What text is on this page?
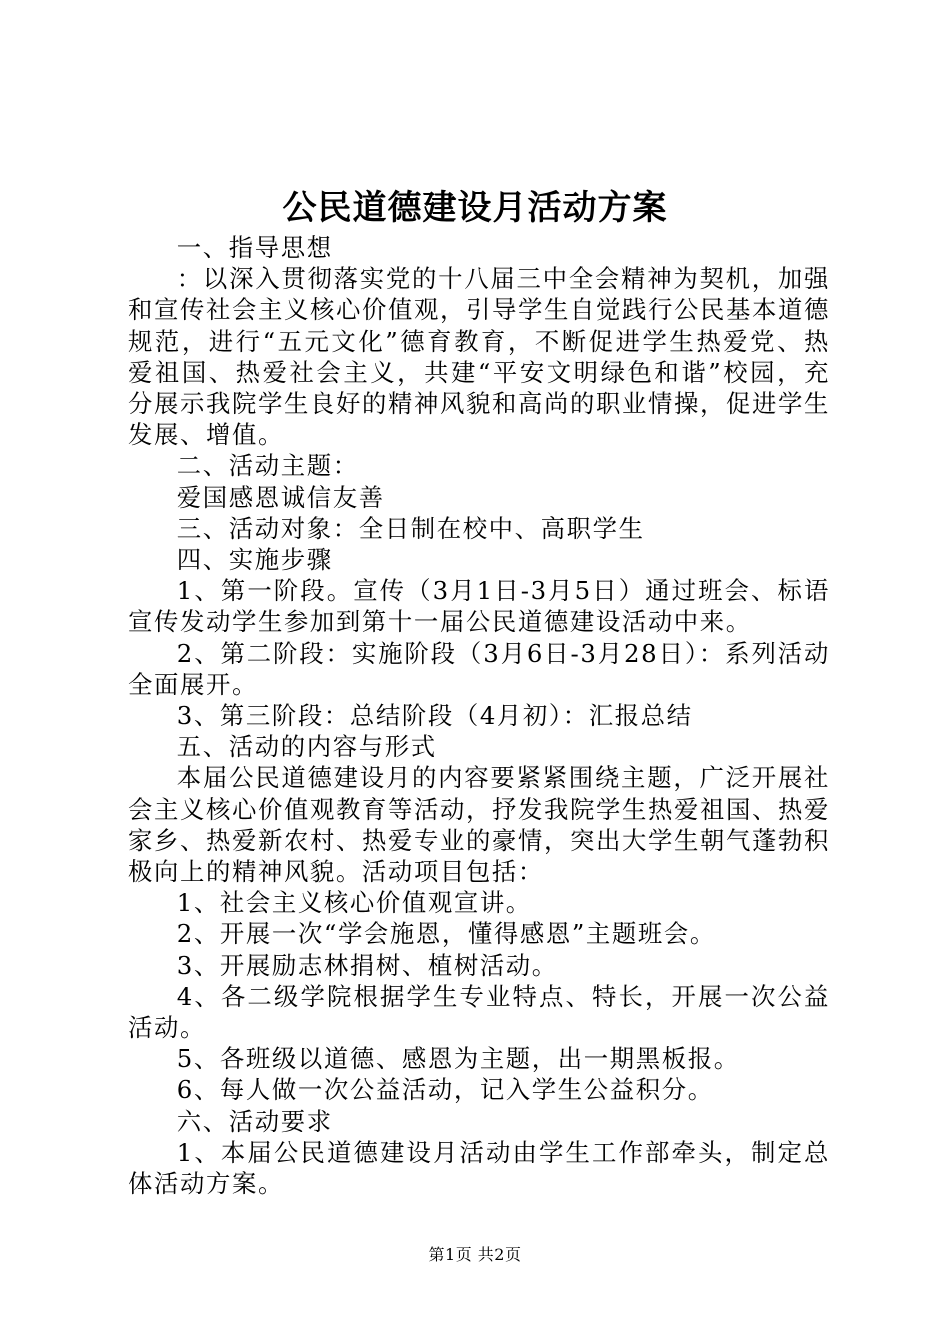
公民道德建设月活动方案

一、指导思想

：以深入贯彻落实党的十八届三中全会精神为契机，加强和宣传社会主义核心价值观，引导学生自觉践行公民基本道德规范，进行“五元文化”德育教育，不断促进学生热爱党、热爱祖国、热爱社会主义，共建“平安文明绿色和谐”校园，充分展示我院学生良好的精神风貌和高尚的职业情操，促进学生发展、增值。

二、活动主题：

爱国感恩诚信友善

三、活动对象：全日制在校中、高职学生

四、实施步骤

1、第一阶段。宣传（3月1日-3月5日）通过班会、标语宣传发动学生参加到第十一届公民道德建设活动中来。

2、第二阶段：实施阶段（3月6日-3月28日）：系列活动全面展开。

3、第三阶段：总结阶段（4月初）：汇报总结

五、活动的内容与形式

本届公民道德建设月的内容要紧紧围绕主题，广泛开展社会主义核心价值观教育等活动，抒发我院学生热爱祖国、热爱家乡、热爱新农村、热爱专业的豪情，突出大学生朝气蓬勃积极向上的精神风貌。活动项目包括：

1、社会主义核心价值观宣讲。

2、开展一次“学会施恩，懂得感恩”主题班会。

3、开展励志林捐树、植树活动。

4、各二级学院根据学生专业特点、特长，开展一次公益活动。

5、各班级以道德、感恩为主题，出一期黑板报。

6、每人做一次公益活动，记入学生公益积分。

六、活动要求

1、本届公民道德建设月活动由学生工作部牵头，制定总体活动方案。

第1页 共2页
